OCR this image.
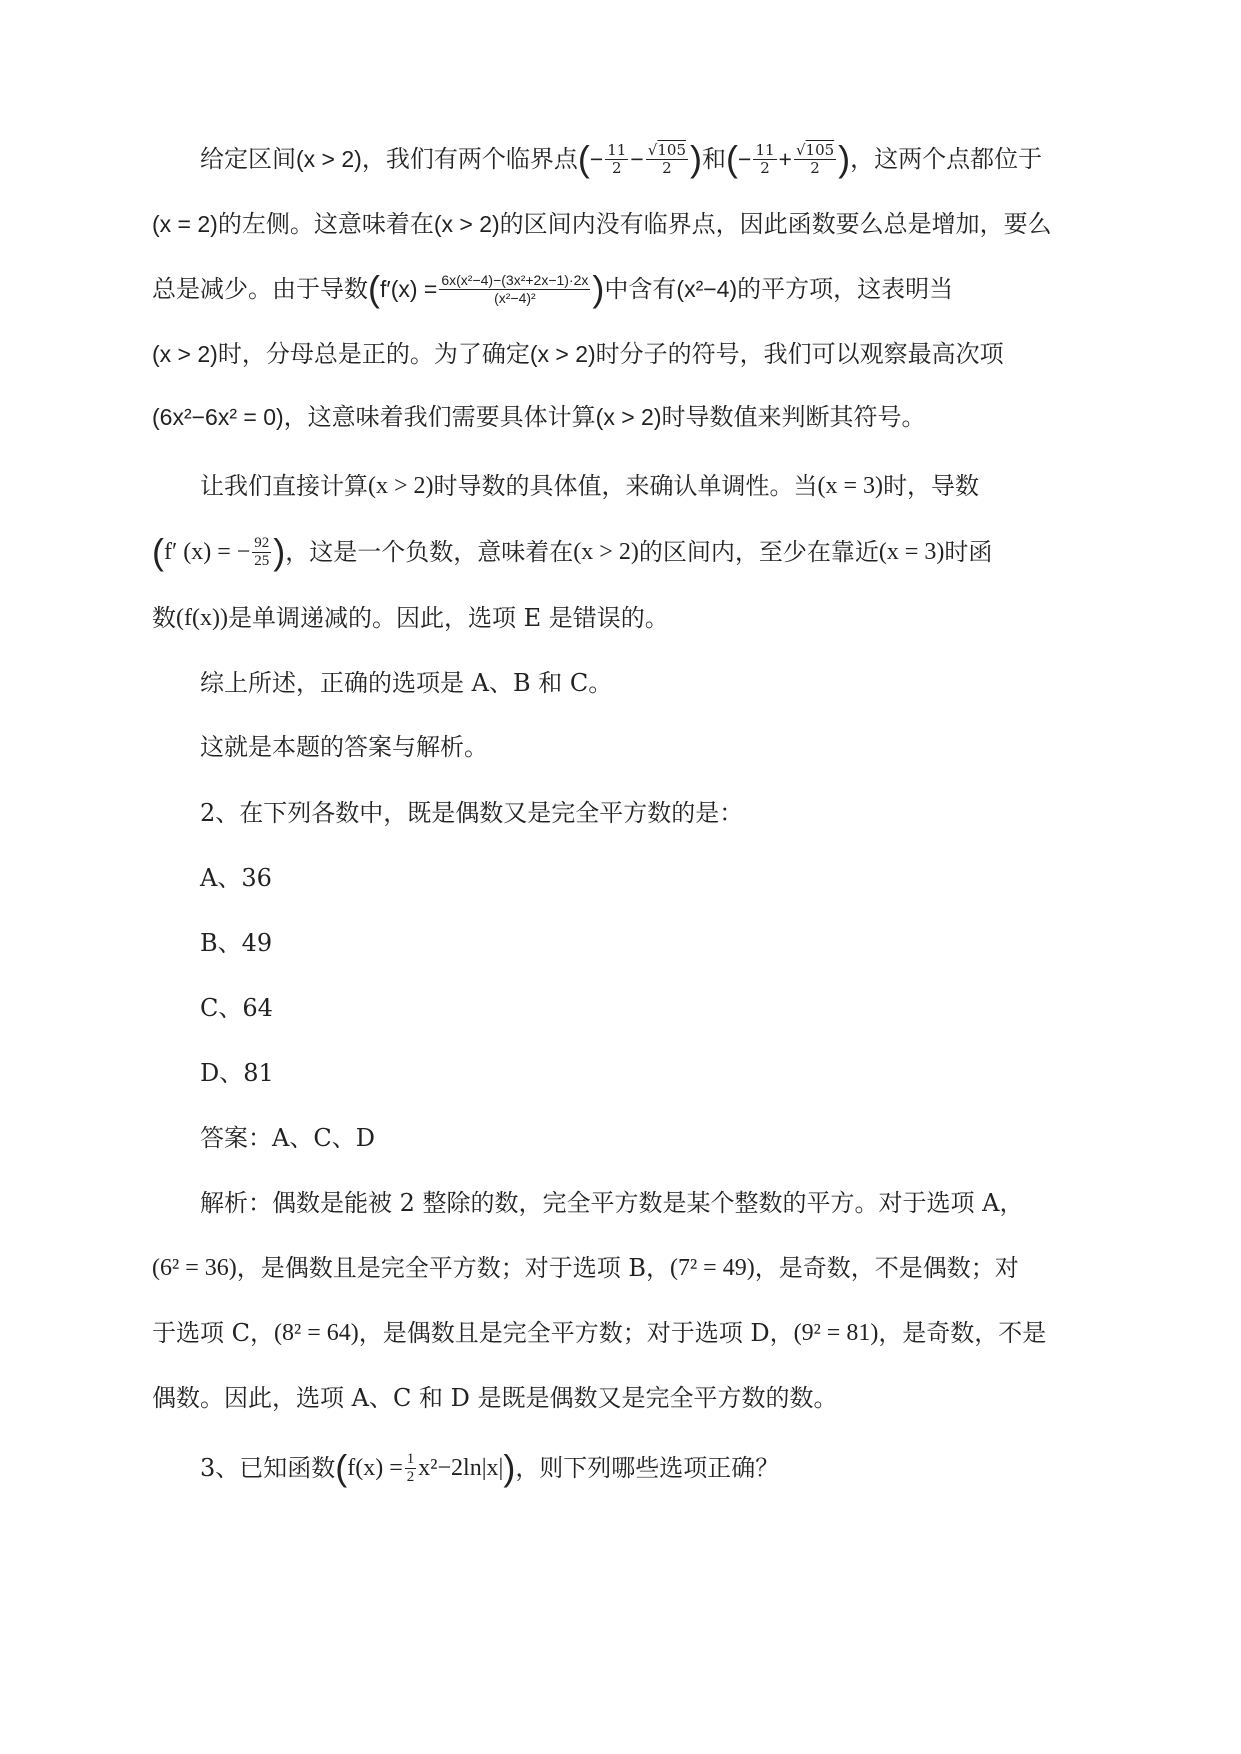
给定区间 (x > 2) ，我们有两个临界点 ( − $\frac{11}{2} - \frac{√105}{2}$ ) 和 ( − $\frac{11}{2} + \frac{√105}{2}$ ) ，这两个点都位于
(x = 2) 的左侧。这意味着在 (x > 2) 的区间内没有临界点，因此函数要么总是增加，要么
总是减少。由于导数 ( $f'(x) = \frac{\text{6x(x²−4)−(3x²+2x−1)·2x}}{\text{(x²−4)²}}$ ) 中含有 (x²−4) 的平方项，这表明当
(x > 2) 时，分母总是正的。为了确定 (x > 2) 时分子的符号，我们可以观察最高次项
(6x²−6x² = 0) ，这意味着我们需要具体计算 (x > 2) 时导数值来判断其符号。
让我们直接计算 (x > 2) 时导数的具体值，来确认单调性。当 (x = 3) 时，导数
( f′ (x) = − $\frac{92}{25}$ ) ，这是一个负数，意味着在 (x > 2) 的区间内，至少在靠近 (x = 3) 时函
数 (f(x)) 是单调递减的。因此，选项 E 是错误的。
综上所述，正确的选项是 A、B 和 C。
这就是本题的答案与解析。
2、在下列各数中，既是偶数又是完全平方数的是：
A、36
B、49
C、64
D、81
答案：A、C、D
解析：偶数是能被 2 整除的数，完全平方数是某个整数的平方。对于选项 A，
(6² = 36) ，是偶数且是完全平方数；对于选项 B， (7² = 49) ，是奇数，不是偶数；对
于选项 C， (8² = 64) ，是偶数且是完全平方数；对于选项 D， (9² = 81) ，是奇数，不是
偶数。因此，选项 A、C 和 D 是既是偶数又是完全平方数的数。
3、已知函数 ( $f(x) = \frac{1}{2} x^2-2\ln|x|$ ) ，则下列哪些选项正确？
